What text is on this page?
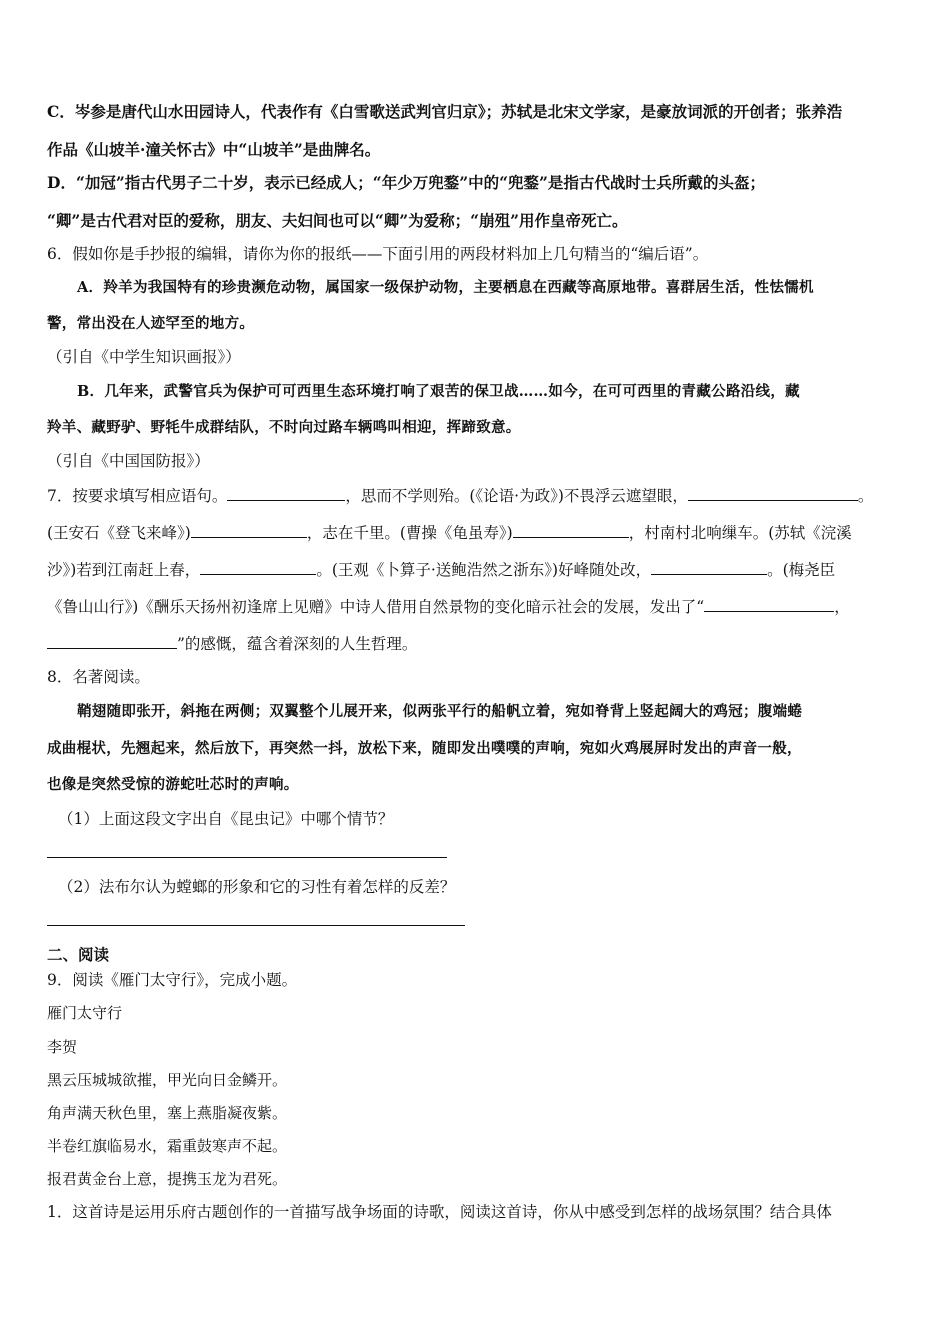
C．岑参是唐代山水田园诗人，代表作有《白雪歌送武判官归京》；苏轼是北宋文学家，是豪放词派的开创者；张养浩
作品《山坡羊·潼关怀古》中“山坡羊”是曲牌名。
D．“加冠”指古代男子二十岁，表示已经成人；“年少万兜鍪”中的“兜鍪”是指古代战时士兵所戴的头盔；
“卿”是古代君对臣的爱称，朋友、夫妇间也可以“卿”为爱称；“崩殂”用作皇帝死亡。
6．假如你是手抄报的编辑，请你为你的报纸——下面引用的两段材料加上几句精当的“编后语”。
A．羚羊为我国特有的珍贵濒危动物，属国家一级保护动物，主要栖息在西藏等高原地带。喜群居生活，性怯懦机
警，常出没在人迹罕至的地方。
（引自《中学生知识画报》）
B．几年来，武警官兵为保护可可西里生态环境打响了艰苦的保卫战……如今，在可可西里的青藏公路沿线，藏
羚羊、藏野驴、野牦牛成群结队，不时向过路车辆鸣叫相迎，挥蹄致意。
（引自《中国国防报》）
7．按要求填写相应语句。	，思而不学则殆。(《论语·为政》)不畏浮云遮望眼，	。
(王安石《登飞来峰》)	，志在千里。(曹操《龟虽寿》)	，村南村北响缫车。(苏轼《浣溪
沙》)若到江南赶上春，	。(王观《卜算子·送鲍浩然之浙东》)好峰随处改，	。(梅尧臣
《鲁山山行》)《酬乐天扬州初逢席上见赠》中诗人借用自然景物的变化暗示社会的发展，发出了“	，
”的感慨，蕴含着深刻的人生哲理。
8．名著阅读。
鞘翅随即张开，斜拖在两侧；双翼整个儿展开来，似两张平行的船帆立着，宛如脊背上竖起阔大的鸡冠；腹端蜷
成曲棍状，先翘起来，然后放下，再突然一抖，放松下来，随即发出噗噗的声响，宛如火鸡展屏时发出的声音一般，
也像是突然受惊的游蛇吐芯时的声响。
（1）上面这段文字出自《昆虫记》中哪个情节？
（2）法布尔认为螳螂的形象和它的习性有着怎样的反差？
二、阅读
9．阅读《雁门太守行》，完成小题。
雁门太守行
李贺
黑云压城城欲摧，甲光向日金鳞开。
角声满天秋色里，塞上燕脂凝夜紫。
半卷红旗临易水，霜重鼓寒声不起。
报君黄金台上意，提携玉龙为君死。
1．这首诗是运用乐府古题创作的一首描写战争场面的诗歌，阅读这首诗，你从中感受到怎样的战场氛围？结合具体
